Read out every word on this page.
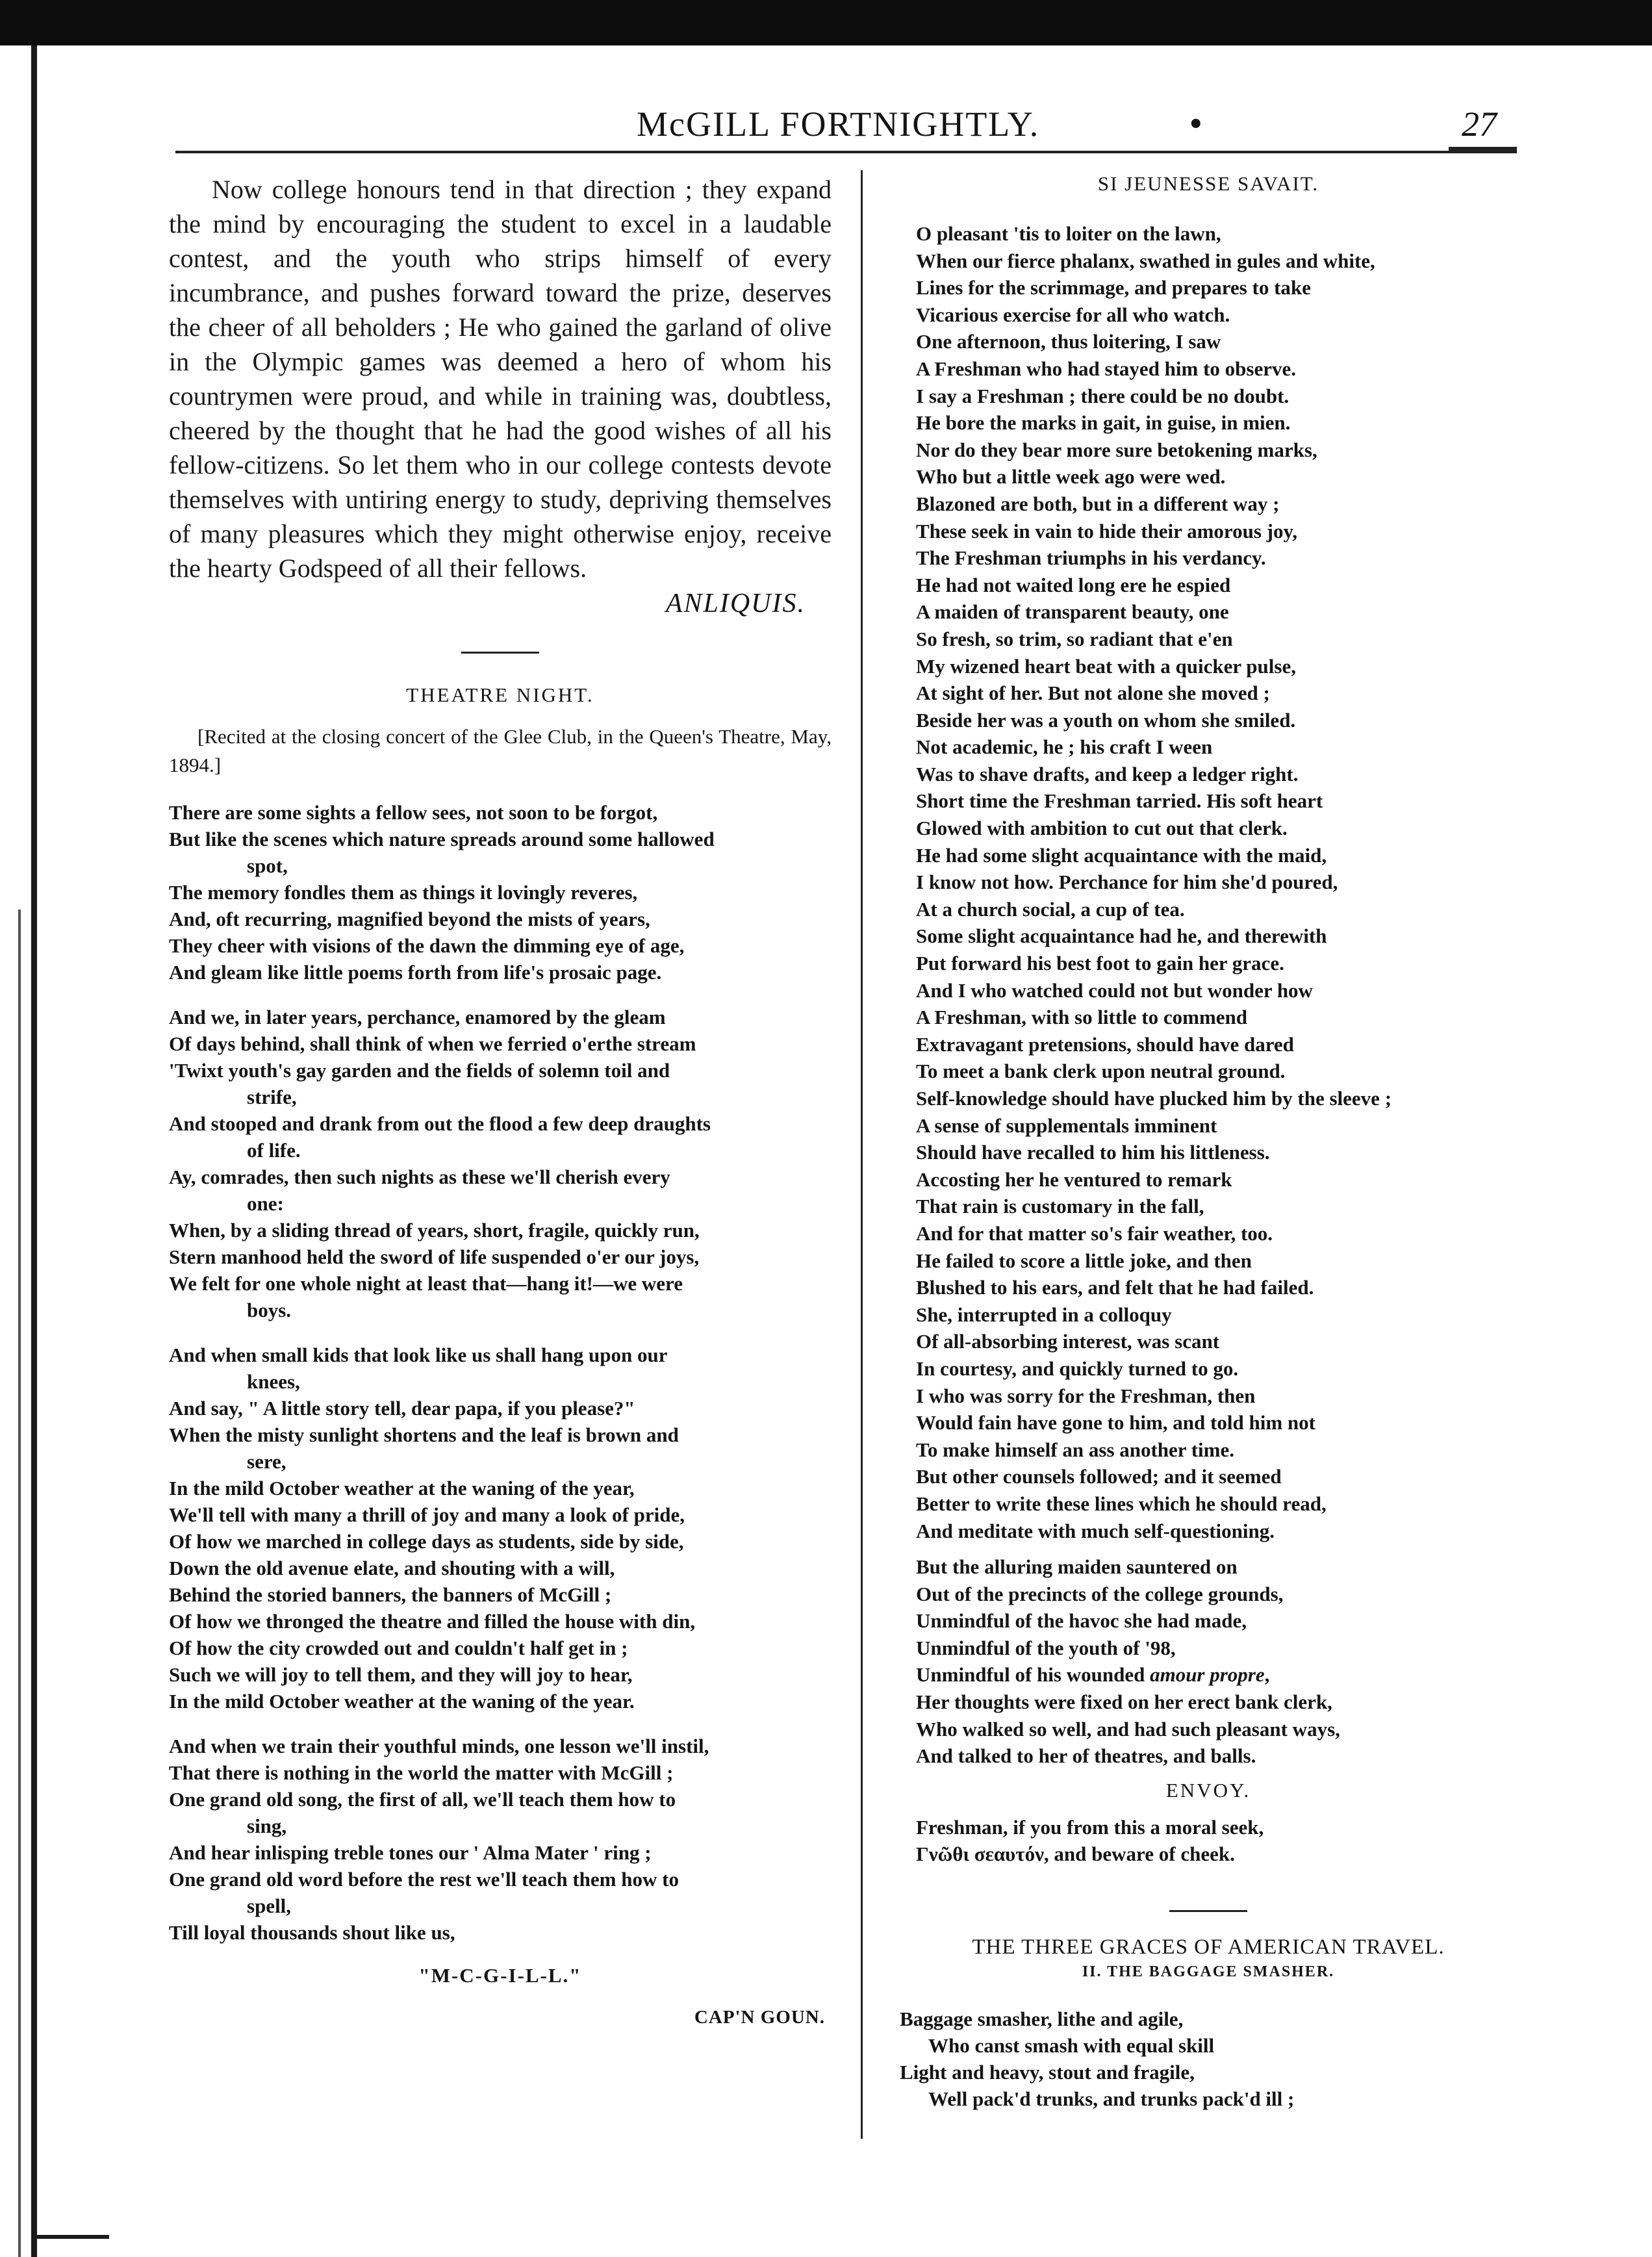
McGILL FORTNIGHTLY.	•	27

Now college honours tend in that direction ; they expand the mind by encouraging the student to excel in a laudable contest, and the youth who strips himself of every incumbrance, and pushes forward toward the prize, deserves the cheer of all beholders ; He who gained the garland of olive in the Olympic games was deemed a hero of whom his countrymen were proud, and while in training was, doubtless, cheered by the thought that he had the good wishes of all his fellow-citizens. So let them who in our college contests devote themselves with untiring energy to study, depriving themselves of many pleasures which they might otherwise enjoy, receive the hearty Godspeed of all their fellows.

ANLIQUIS.
THEATRE NIGHT.
[Recited at the closing concert of the Glee Club, in the Queen's Theatre, May, 1894.]
There are some sights a fellow sees, not soon to be forgot,
But like the scenes which nature spreads around some hallowed
spot,
The memory fondles them as things it lovingly reveres,
And, oft recurring, magnified beyond the mists of years,
They cheer with visions of the dawn the dimming eye of age,
And gleam like little poems forth from life's prosaic page.
And we, in later years, perchance, enamored by the gleam
Of days behind, shall think of when we ferried o'erthe stream
'Twixt youth's gay garden and the fields of solemn toil and
strife,
And stooped and drank from out the flood a few deep draughts
of life.
Ay, comrades, then such nights as these we'll cherish every
one:
When, by a sliding thread of years, short, fragile, quickly run,
Stern manhood held the sword of life suspended o'er our joys,
We felt for one whole night at least that—hang it!—we were
boys.
And when small kids that look like us shall hang upon our
knees,
And say, " A little story tell, dear papa, if you please?"
When the misty sunlight shortens and the leaf is brown and
sere,
In the mild October weather at the waning of the year,
We'll tell with many a thrill of joy and many a look of pride,
Of how we marched in college days as students, side by side,
Down the old avenue elate, and shouting with a will,
Behind the storied banners, the banners of McGill ;
Of how we thronged the theatre and filled the house with din,
Of how the city crowded out and couldn't half get in ;
Such we will joy to tell them, and they will joy to hear,
In the mild October weather at the waning of the year.
And when we train their youthful minds, one lesson we'll instil,
That there is nothing in the world the matter with McGill ;
One grand old song, the first of all, we'll teach them how to
sing,
And hear inlisping treble tones our ' Alma Mater ' ring ;
One grand old word before the rest we'll teach them how to
spell,
Till loyal thousands shout like us,
"M-C-G-I-L-L."
CAP'N GOUN.
SI JEUNESSE SAVAIT.
O pleasant 'tis to loiter on the lawn,
When our fierce phalanx, swathed in gules and white,
Lines for the scrimmage, and prepares to take
Vicarious exercise for all who watch.
One afternoon, thus loitering, I saw
A Freshman who had stayed him to observe.
I say a Freshman ; there could be no doubt.
He bore the marks in gait, in guise, in mien.
Nor do they bear more sure betokening marks,
Who but a little week ago were wed.
Blazoned are both, but in a different way ;
These seek in vain to hide their amorous joy,
The Freshman triumphs in his verdancy.
He had not waited long ere he espied
A maiden of transparent beauty, one
So fresh, so trim, so radiant that e'en
My wizened heart beat with a quicker pulse,
At sight of her. But not alone she moved ;
Beside her was a youth on whom she smiled.
Not academic, he ; his craft I ween
Was to shave drafts, and keep a ledger right.
Short time the Freshman tarried. His soft heart
Glowed with ambition to cut out that clerk.
He had some slight acquaintance with the maid,
I know not how. Perchance for him she'd poured,
At a church social, a cup of tea.
Some slight acquaintance had he, and therewith
Put forward his best foot to gain her grace.
And I who watched could not but wonder how
A Freshman, with so little to commend
Extravagant pretensions, should have dared
To meet a bank clerk upon neutral ground.
Self-knowledge should have plucked him by the sleeve ;
A sense of supplementals imminent
Should have recalled to him his littleness.
Accosting her he ventured to remark
That rain is customary in the fall,
And for that matter so's fair weather, too.
He failed to score a little joke, and then
Blushed to his ears, and felt that he had failed.
She, interrupted in a colloquy
Of all-absorbing interest, was scant
In courtesy, and quickly turned to go.
I who was sorry for the Freshman, then
Would fain have gone to him, and told him not
To make himself an ass another time.
But other counsels followed; and it seemed
Better to write these lines which he should read,
And meditate with much self-questioning.
But the alluring maiden sauntered on
Out of the precincts of the college grounds,
Unmindful of the havoc she had made,
Unmindful of the youth of '98,
Unmindful of his wounded amour propre,
Her thoughts were fixed on her erect bank clerk,
Who walked so well, and had such pleasant ways,
And talked to her of theatres, and balls.
ENVOY.
Freshman, if you from this a moral seek,
Γνῶθι σεαυτόν, and beware of cheek.
THE THREE GRACES OF AMERICAN TRAVEL.
II. THE BAGGAGE SMASHER.
Baggage smasher, lithe and agile,
Who canst smash with equal skill
Light and heavy, stout and fragile,
Well pack'd trunks, and trunks pack'd ill ;
